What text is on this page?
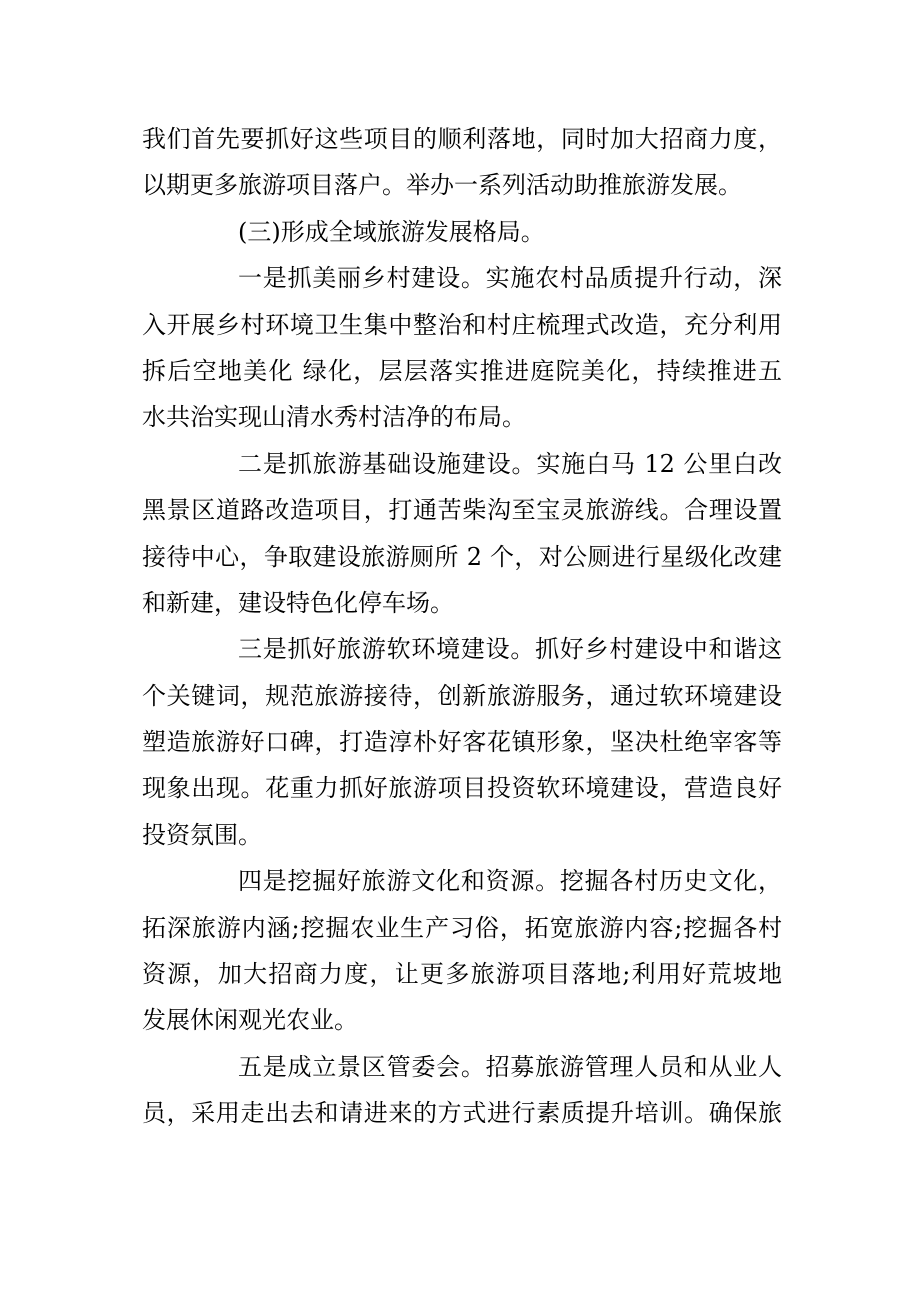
我们首先要抓好这些项目的顺利落地，同时加大招商力度，
以期更多旅游项目落户。举办一系列活动助推旅游发展。
(三)形成全域旅游发展格局。
一是抓美丽乡村建设。实施农村品质提升行动，深
入开展乡村环境卫生集中整治和村庄梳理式改造，充分利用
拆后空地美化 绿化，层层落实推进庭院美化，持续推进五
水共治实现山清水秀村洁净的布局。
二是抓旅游基础设施建设。实施白马 12 公里白改
黑景区道路改造项目，打通苦柴沟至宝灵旅游线。合理设置
接待中心，争取建设旅游厕所 2 个，对公厕进行星级化改建
和新建，建设特色化停车场。
三是抓好旅游软环境建设。抓好乡村建设中和谐这
个关键词，规范旅游接待，创新旅游服务，通过软环境建设
塑造旅游好口碑，打造淳朴好客花镇形象，坚决杜绝宰客等
现象出现。花重力抓好旅游项目投资软环境建设，营造良好
投资氛围。
四是挖掘好旅游文化和资源。挖掘各村历史文化，
拓深旅游内涵;挖掘农业生产习俗，拓宽旅游内容;挖掘各村
资源，加大招商力度，让更多旅游项目落地;利用好荒坡地
发展休闲观光农业。
五是成立景区管委会。招募旅游管理人员和从业人
员，采用走出去和请进来的方式进行素质提升培训。确保旅
